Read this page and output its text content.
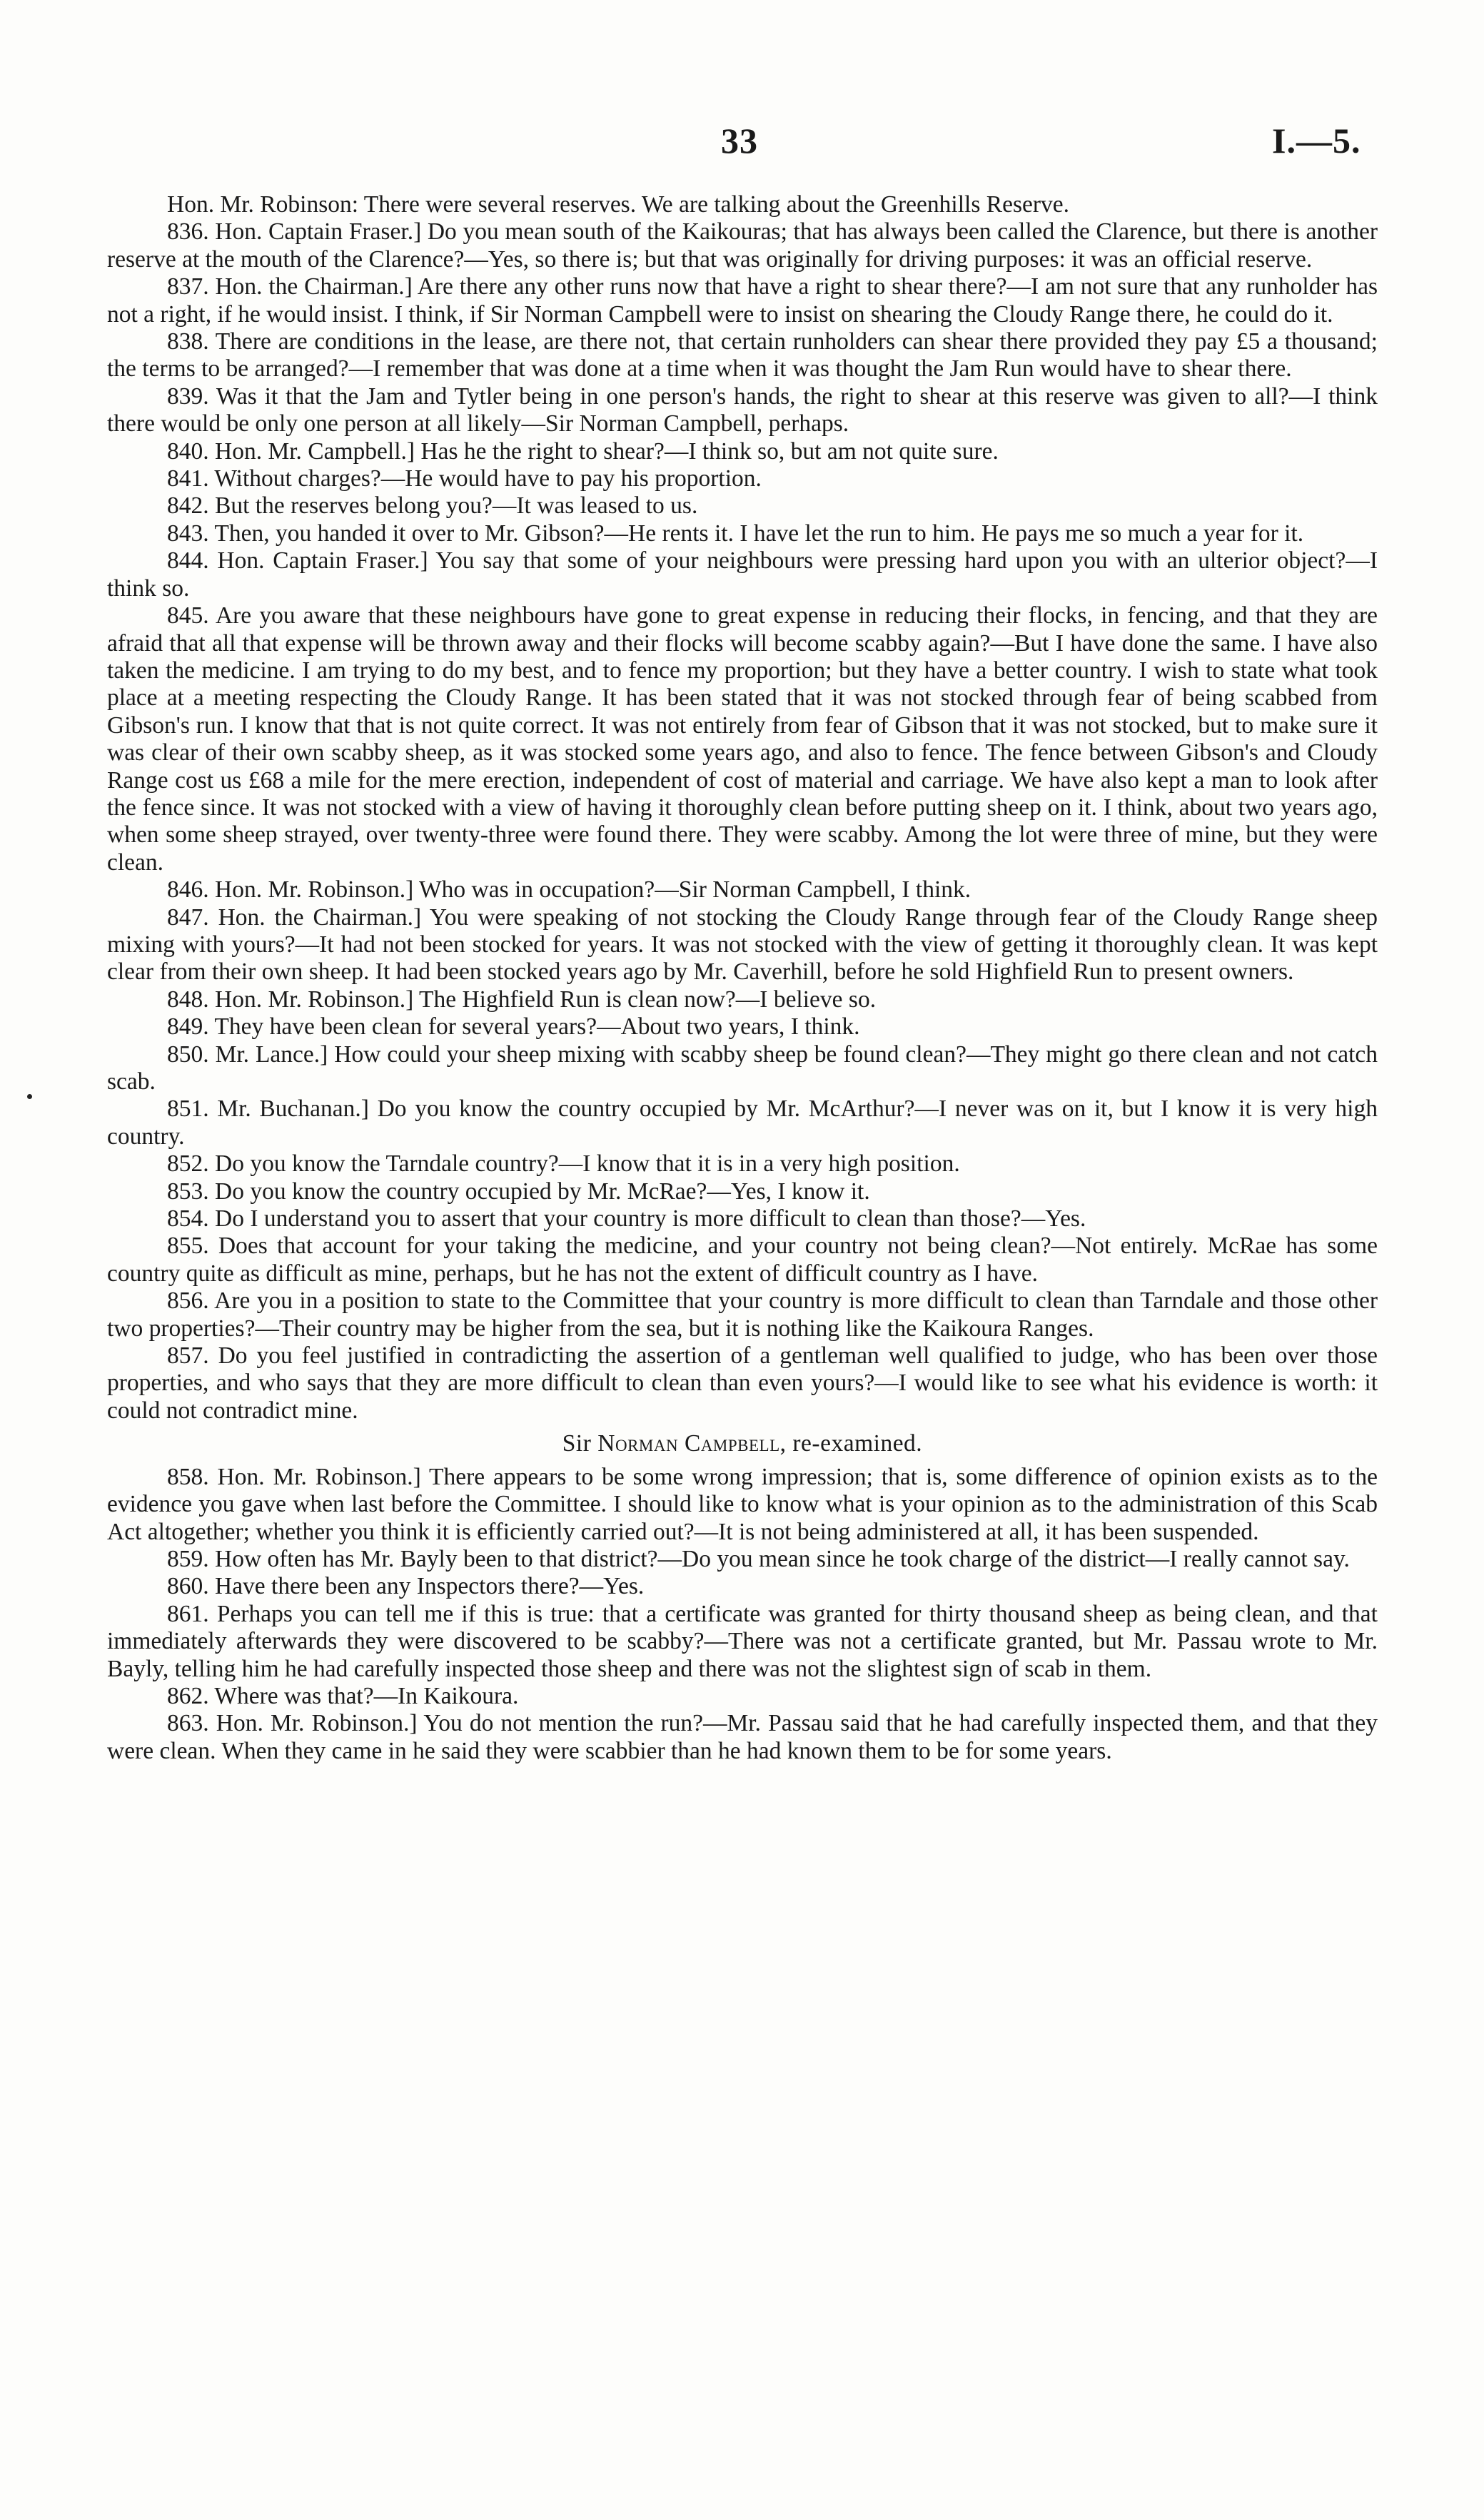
33	I.—5.

Hon. Mr. Robinson: There were several reserves. We are talking about the Greenhills Reserve.

836. Hon. Captain Fraser.] Do you mean south of the Kaikouras; that has always been called the Clarence, but there is another reserve at the mouth of the Clarence?—Yes, so there is; but that was originally for driving purposes: it was an official reserve.

837. Hon. the Chairman.] Are there any other runs now that have a right to shear there?—I am not sure that any runholder has not a right, if he would insist. I think, if Sir Norman Campbell were to insist on shearing the Cloudy Range there, he could do it.

838. There are conditions in the lease, are there not, that certain runholders can shear there provided they pay £5 a thousand; the terms to be arranged?—I remember that was done at a time when it was thought the Jam Run would have to shear there.

839. Was it that the Jam and Tytler being in one person's hands, the right to shear at this reserve was given to all?—I think there would be only one person at all likely—Sir Norman Campbell, perhaps.

840. Hon. Mr. Campbell.] Has he the right to shear?—I think so, but am not quite sure.

841. Without charges?—He would have to pay his proportion.

842. But the reserves belong you?—It was leased to us.

843. Then, you handed it over to Mr. Gibson?—He rents it. I have let the run to him. He pays me so much a year for it.

844. Hon. Captain Fraser.] You say that some of your neighbours were pressing hard upon you with an ulterior object?—I think so.

845. Are you aware that these neighbours have gone to great expense in reducing their flocks, in fencing, and that they are afraid that all that expense will be thrown away and their flocks will become scabby again?—But I have done the same. I have also taken the medicine. I am trying to do my best, and to fence my proportion; but they have a better country. I wish to state what took place at a meeting respecting the Cloudy Range. It has been stated that it was not stocked through fear of being scabbed from Gibson's run. I know that that is not quite correct. It was not entirely from fear of Gibson that it was not stocked, but to make sure it was clear of their own scabby sheep, as it was stocked some years ago, and also to fence. The fence between Gibson's and Cloudy Range cost us £68 a mile for the mere erection, independent of cost of material and carriage. We have also kept a man to look after the fence since. It was not stocked with a view of having it thoroughly clean before putting sheep on it. I think, about two years ago, when some sheep strayed, over twenty-three were found there. They were scabby. Among the lot were three of mine, but they were clean.

846. Hon. Mr. Robinson.] Who was in occupation?—Sir Norman Campbell, I think.

847. Hon. the Chairman.] You were speaking of not stocking the Cloudy Range through fear of the Cloudy Range sheep mixing with yours?—It had not been stocked for years. It was not stocked with the view of getting it thoroughly clean. It was kept clear from their own sheep. It had been stocked years ago by Mr. Caverhill, before he sold Highfield Run to present owners.

848. Hon. Mr. Robinson.] The Highfield Run is clean now?—I believe so.

849. They have been clean for several years?—About two years, I think.

850. Mr. Lance.] How could your sheep mixing with scabby sheep be found clean?—They might go there clean and not catch scab.

851. Mr. Buchanan.] Do you know the country occupied by Mr. McArthur?—I never was on it, but I know it is very high country.

852. Do you know the Tarndale country?—I know that it is in a very high position.

853. Do you know the country occupied by Mr. McRae?—Yes, I know it.

854. Do I understand you to assert that your country is more difficult to clean than those?—Yes.

855. Does that account for your taking the medicine, and your country not being clean?—Not entirely. McRae has some country quite as difficult as mine, perhaps, but he has not the extent of difficult country as I have.

856. Are you in a position to state to the Committee that your country is more difficult to clean than Tarndale and those other two properties?—Their country may be higher from the sea, but it is nothing like the Kaikoura Ranges.

857. Do you feel justified in contradicting the assertion of a gentleman well qualified to judge, who has been over those properties, and who says that they are more difficult to clean than even yours?—I would like to see what his evidence is worth: it could not contradict mine.

Sir Norman Campbell, re-examined.

858. Hon. Mr. Robinson.] There appears to be some wrong impression; that is, some difference of opinion exists as to the evidence you gave when last before the Committee. I should like to know what is your opinion as to the administration of this Scab Act altogether; whether you think it is efficiently carried out?—It is not being administered at all, it has been suspended.

859. How often has Mr. Bayly been to that district?—Do you mean since he took charge of the district—I really cannot say.

860. Have there been any Inspectors there?—Yes.

861. Perhaps you can tell me if this is true: that a certificate was granted for thirty thousand sheep as being clean, and that immediately afterwards they were discovered to be scabby?—There was not a certificate granted, but Mr. Passau wrote to Mr. Bayly, telling him he had carefully inspected those sheep and there was not the slightest sign of scab in them.

862. Where was that?—In Kaikoura.

863. Hon. Mr. Robinson.] You do not mention the run?—Mr. Passau said that he had carefully inspected them, and that they were clean. When they came in he said they were scabbier than he had known them to be for some years.
